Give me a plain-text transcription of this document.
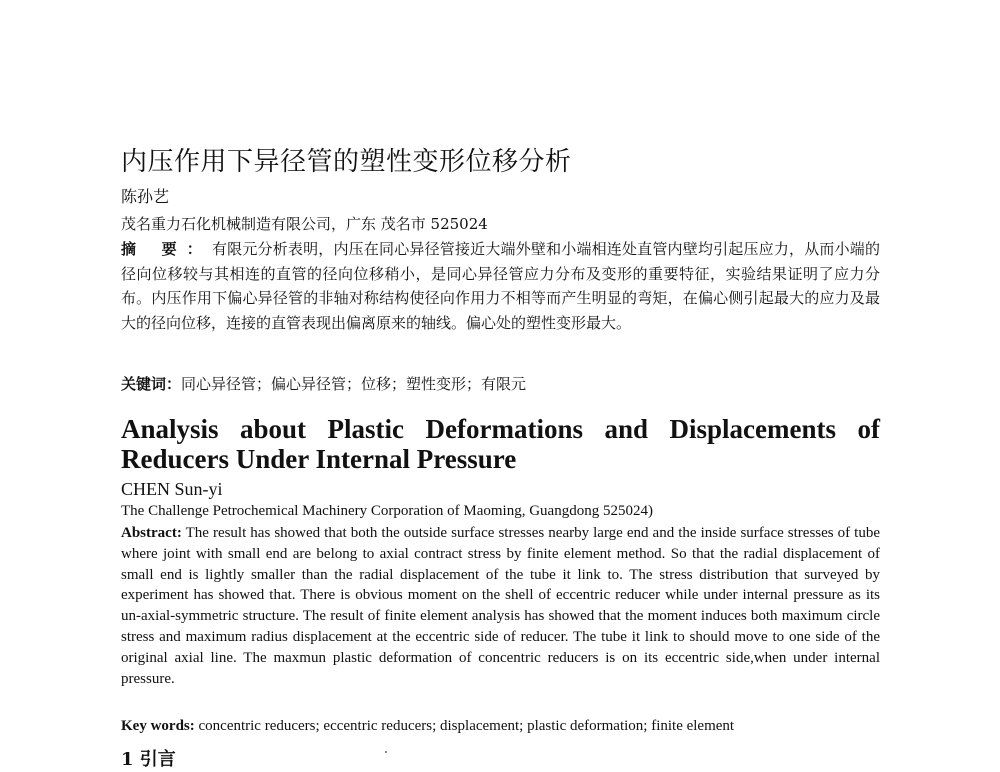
内压作用下异径管的塑性变形位移分析
陈孙艺
茂名重力石化机械制造有限公司，广东 茂名市 525024

摘 要：有限元分析表明，内压在同心异径管接近大端外壁和小端相连处直管内壁均引起压应力，从而小端的径向位移较与其相连的直管的径向位移稍小，是同心异径管应力分布及变形的重要特征，实验结果证明了应力分布。内压作用下偏心异径管的非轴对称结构使径向作用力不相等而产生明显的弯矩，在偏心侧引起最大的应力及最大的径向位移，连接的直管表现出偏离原来的轴线。偏心处的塑性变形最大。

关键词：同心异径管；偏心异径管；位移；塑性变形；有限元
Analysis about Plastic Deformations and Displacements of Reducers Under Internal Pressure
CHEN Sun-yi
The Challenge Petrochemical Machinery Corporation of Maoming, Guangdong 525024)

Abstract: The result has showed that both the outside surface stresses nearby large end and the inside surface stresses of tube where joint with small end are belong to axial contract stress by finite element method. So that the radial displacement of small end is lightly smaller than the radial displacement of the tube it link to. The stress distribution that surveyed by experiment has showed that. There is obvious moment on the shell of eccentric reducer while under internal pressure as its un-axial-symmetric structure. The result of finite element analysis has showed that the moment induces both maximum circle stress and maximum radius displacement at the eccentric side of reducer. The tube it link to should move to one side of the original axial line. The maxmun plastic deformation of concentric reducers is on its eccentric side,when under internal pressure.

Key words: concentric reducers; eccentric reducers; displacement; plastic deformation; finite element
1 引言
